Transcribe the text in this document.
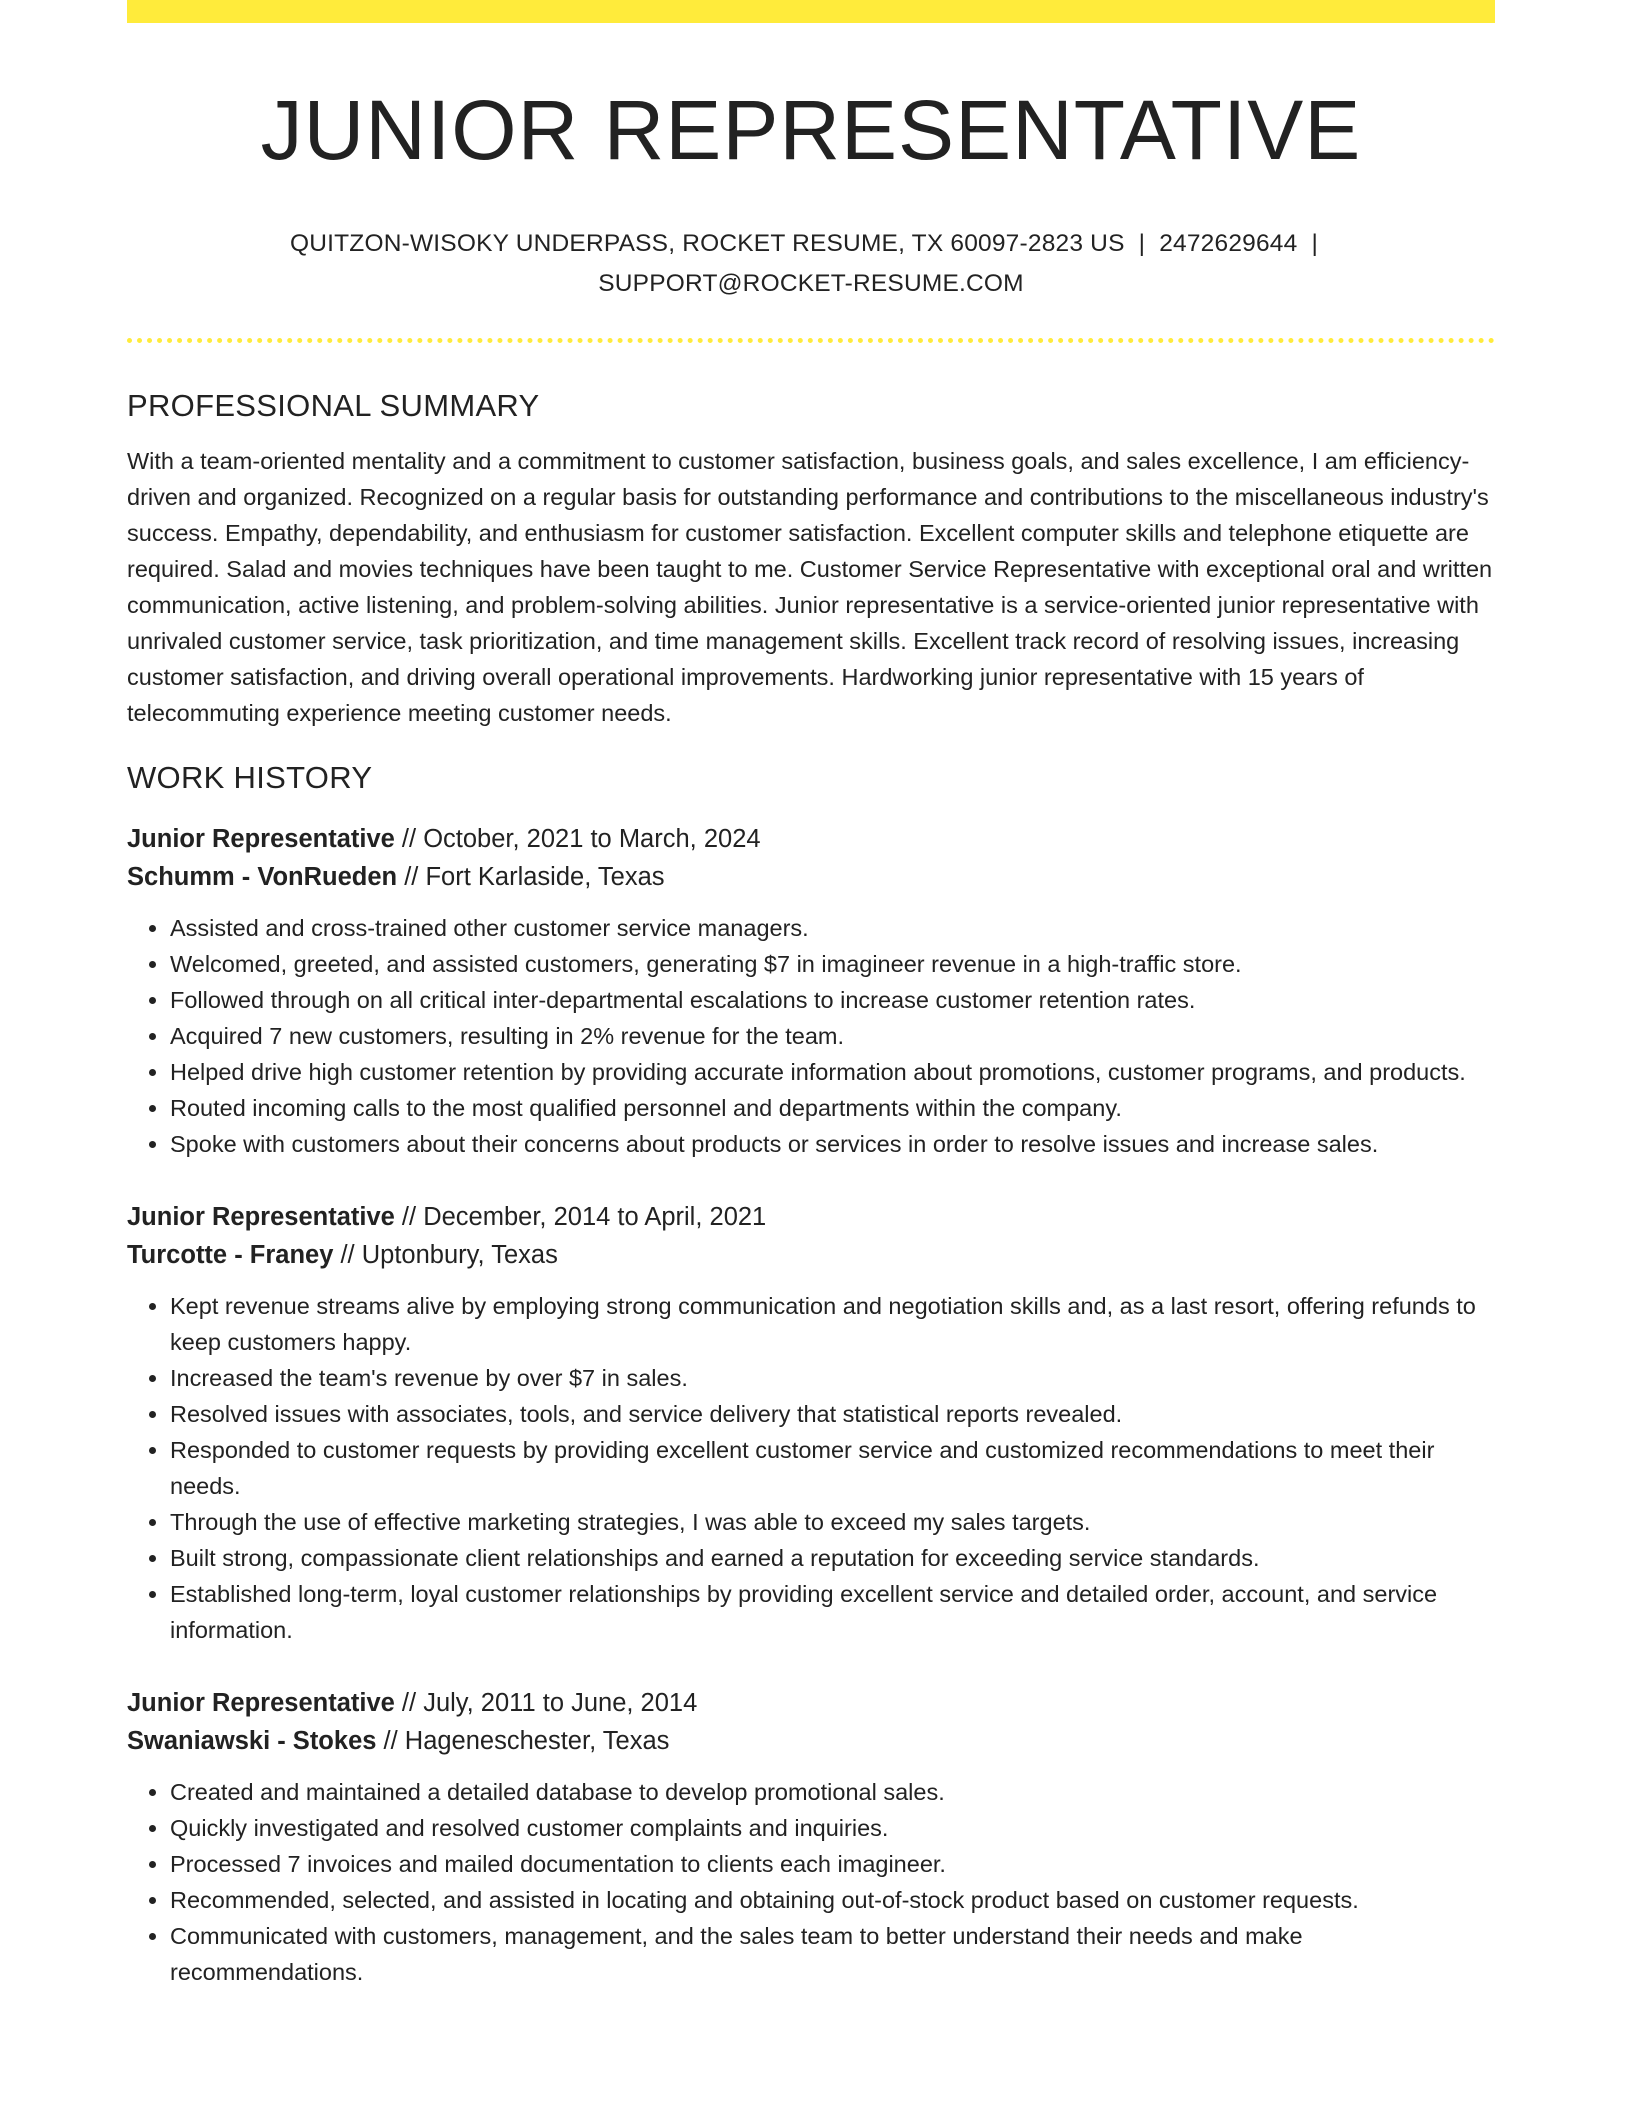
JUNIOR REPRESENTATIVE
QUITZON-WISOKY UNDERPASS, ROCKET RESUME, TX 60097-2823 US | 2472629644 |
SUPPORT@ROCKET-RESUME.COM
PROFESSIONAL SUMMARY
With a team-oriented mentality and a commitment to customer satisfaction, business goals, and sales excellence, I am efficiency-driven and organized. Recognized on a regular basis for outstanding performance and contributions to the miscellaneous industry's success. Empathy, dependability, and enthusiasm for customer satisfaction. Excellent computer skills and telephone etiquette are required. Salad and movies techniques have been taught to me. Customer Service Representative with exceptional oral and written communication, active listening, and problem-solving abilities. Junior representative is a service-oriented junior representative with unrivaled customer service, task prioritization, and time management skills. Excellent track record of resolving issues, increasing customer satisfaction, and driving overall operational improvements. Hardworking junior representative with 15 years of telecommuting experience meeting customer needs.
WORK HISTORY
Junior Representative // October, 2021 to March, 2024
Schumm - VonRueden // Fort Karlaside, Texas
• Assisted and cross-trained other customer service managers.
• Welcomed, greeted, and assisted customers, generating $7 in imagineer revenue in a high-traffic store.
• Followed through on all critical inter-departmental escalations to increase customer retention rates.
• Acquired 7 new customers, resulting in 2% revenue for the team.
• Helped drive high customer retention by providing accurate information about promotions, customer programs, and products.
• Routed incoming calls to the most qualified personnel and departments within the company.
• Spoke with customers about their concerns about products or services in order to resolve issues and increase sales.
Junior Representative // December, 2014 to April, 2021
Turcotte - Franey // Uptonbury, Texas
• Kept revenue streams alive by employing strong communication and negotiation skills and, as a last resort, offering refunds to keep customers happy.
• Increased the team's revenue by over $7 in sales.
• Resolved issues with associates, tools, and service delivery that statistical reports revealed.
• Responded to customer requests by providing excellent customer service and customized recommendations to meet their needs.
• Through the use of effective marketing strategies, I was able to exceed my sales targets.
• Built strong, compassionate client relationships and earned a reputation for exceeding service standards.
• Established long-term, loyal customer relationships by providing excellent service and detailed order, account, and service information.
Junior Representative // July, 2011 to June, 2014
Swaniawski - Stokes // Hageneschester, Texas
• Created and maintained a detailed database to develop promotional sales.
• Quickly investigated and resolved customer complaints and inquiries.
• Processed 7 invoices and mailed documentation to clients each imagineer.
• Recommended, selected, and assisted in locating and obtaining out-of-stock product based on customer requests.
• Communicated with customers, management, and the sales team to better understand their needs and make recommendations.
